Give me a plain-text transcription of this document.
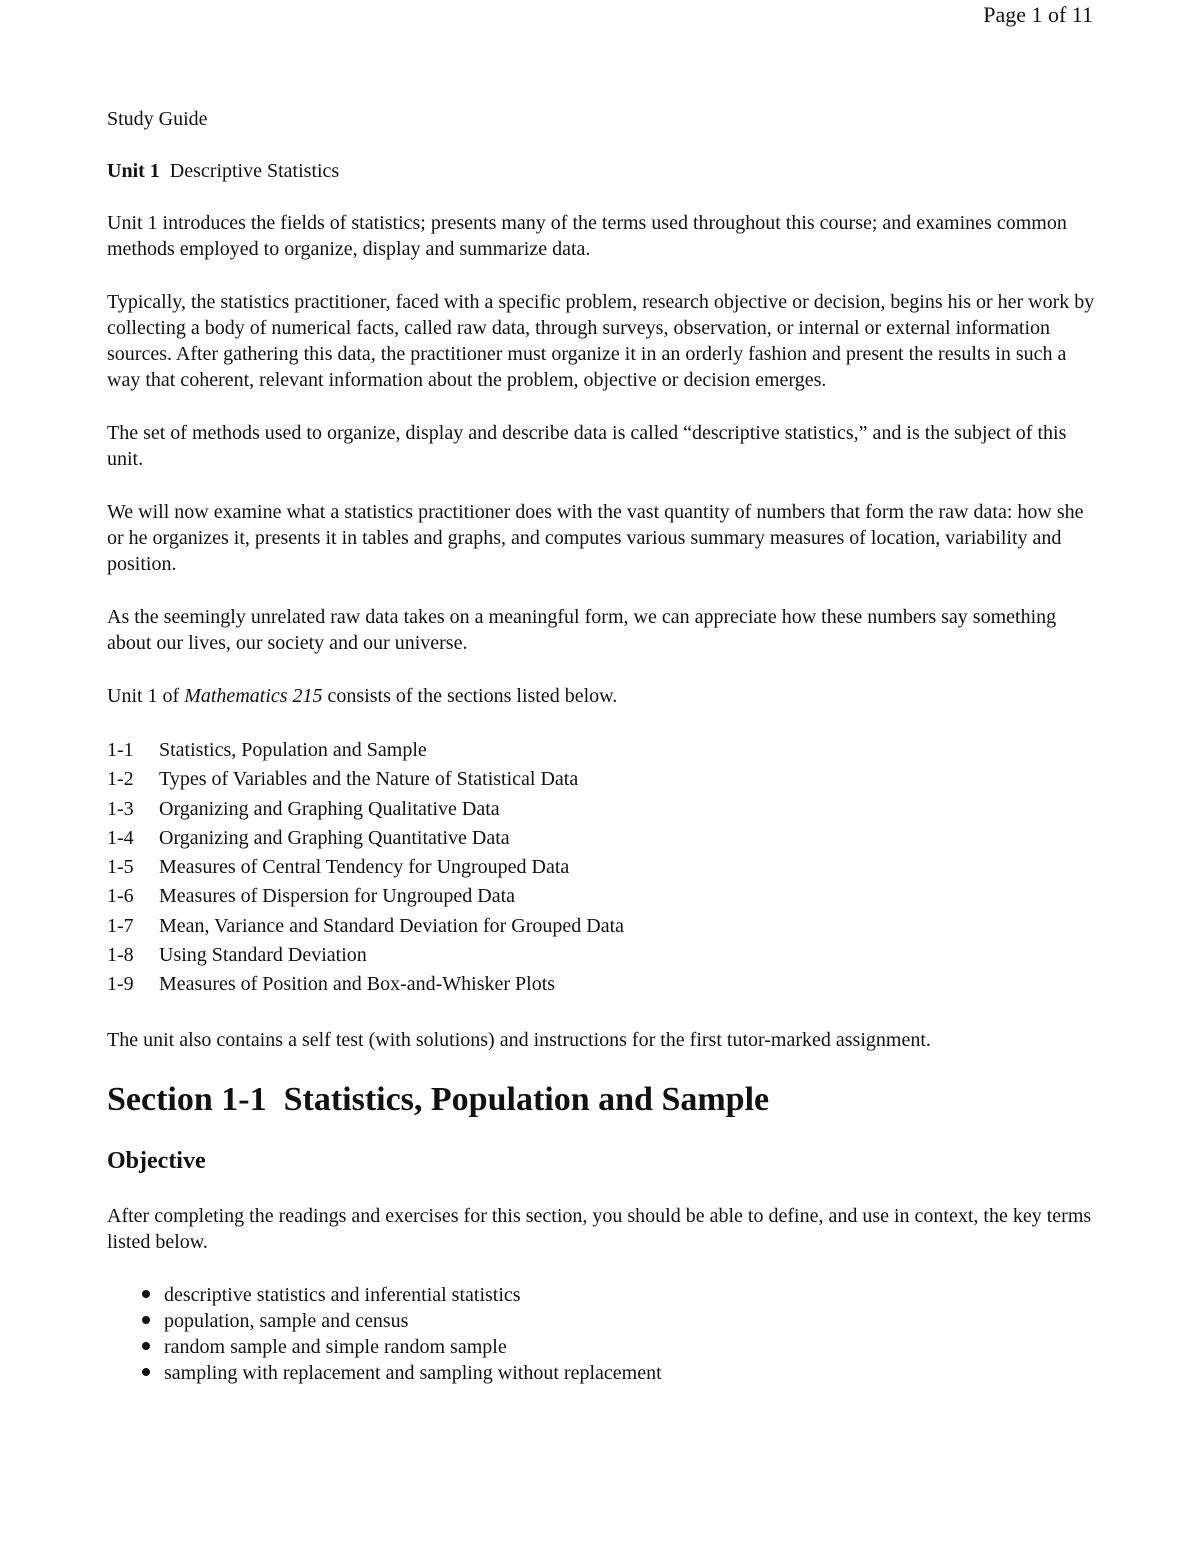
Page 1 of 11

Study Guide

Unit 1 Descriptive Statistics

Unit 1 introduces the fields of statistics; presents many of the terms used throughout this course; and examines common methods employed to organize, display and summarize data.

Typically, the statistics practitioner, faced with a specific problem, research objective or decision, begins his or her work by collecting a body of numerical facts, called raw data, through surveys, observation, or internal or external information sources. After gathering this data, the practitioner must organize it in an orderly fashion and present the results in such a way that coherent, relevant information about the problem, objective or decision emerges.

The set of methods used to organize, display and describe data is called “descriptive statistics,” and is the subject of this unit.

We will now examine what a statistics practitioner does with the vast quantity of numbers that form the raw data: how she or he organizes it, presents it in tables and graphs, and computes various summary measures of location, variability and position.

As the seemingly unrelated raw data takes on a meaningful form, we can appreciate how these numbers say something about our lives, our society and our universe.

Unit 1 of Mathematics 215 consists of the sections listed below.

1-1	Statistics, Population and Sample
1-2	Types of Variables and the Nature of Statistical Data
1-3	Organizing and Graphing Qualitative Data
1-4	Organizing and Graphing Quantitative Data
1-5	Measures of Central Tendency for Ungrouped Data
1-6	Measures of Dispersion for Ungrouped Data
1-7	Mean, Variance and Standard Deviation for Grouped Data
1-8	Using Standard Deviation
1-9	Measures of Position and Box-and-Whisker Plots

The unit also contains a self test (with solutions) and instructions for the first tutor-marked assignment.

Section 1-1  Statistics, Population and Sample
Objective

After completing the readings and exercises for this section, you should be able to define, and use in context, the key terms listed below.

descriptive statistics and inferential statistics
population, sample and census
random sample and simple random sample
sampling with replacement and sampling without replacement
